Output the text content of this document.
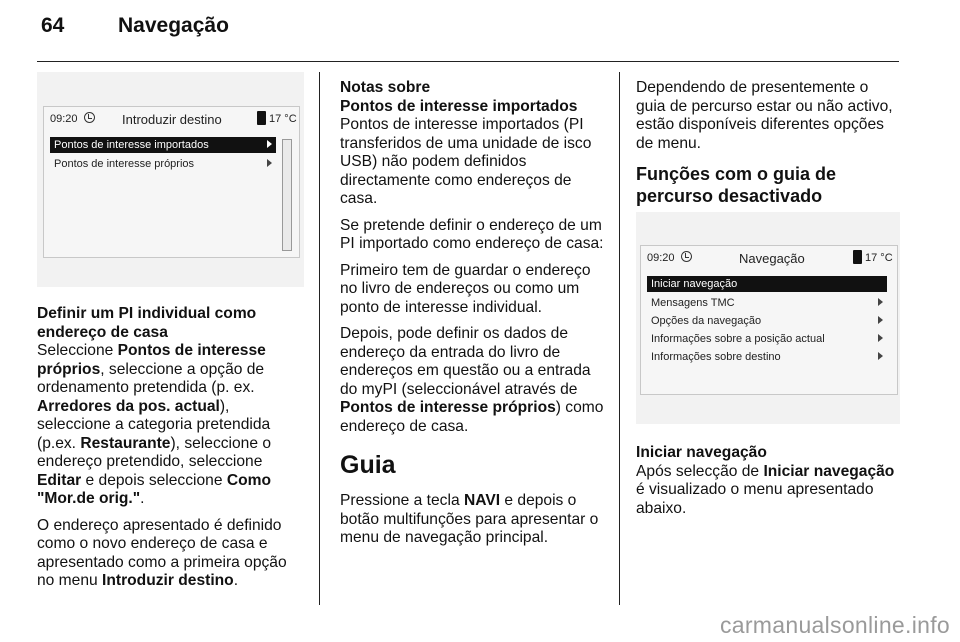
64	Navegação
09:20	Introduzir destino	17 °C
Pontos de interesse importados
Pontos de interesse próprios

Definir um PI individual como endereço de casa
Seleccione Pontos de interesse próprios, seleccione a opção de ordenamento pretendida (p. ex. Arredores da pos. actual), seleccione a categoria pretendida (p.ex. Restaurante), seleccione o endereço pretendido, seleccione Editar e depois seleccione Como "Mor.de orig.".

O endereço apresentado é definido como o novo endereço de casa e apresentado como a primeira opção no menu Introduzir destino.

Notas sobre
Pontos de interesse importados
Pontos de interesse importados (PI transferidos de uma unidade de isco USB) não podem definidos directamente como endereços de casa.

Se pretende definir o endereço de um PI importado como endereço de casa:

Primeiro tem de guardar o endereço no livro de endereços ou como um ponto de interesse individual.

Depois, pode definir os dados de endereço da entrada do livro de endereços em questão ou a entrada do myPI (seleccionável através de Pontos de interesse próprios) como endereço de casa.

Guia

Pressione a tecla NAVI e depois o botão multifunções para apresentar o menu de navegação principal.

Dependendo de presentemente o guia de percurso estar ou não activo, estão disponíveis diferentes opções de menu.

Funções com o guia de percurso desactivado
09:20	Navegação	17 °C
Iniciar navegação
Mensagens TMC
Opções da navegação
Informações sobre a posição actual
Informações sobre destino

Iniciar navegação
Após selecção de Iniciar navegação é visualizado o menu apresentado abaixo.

carmanualsonline.info
